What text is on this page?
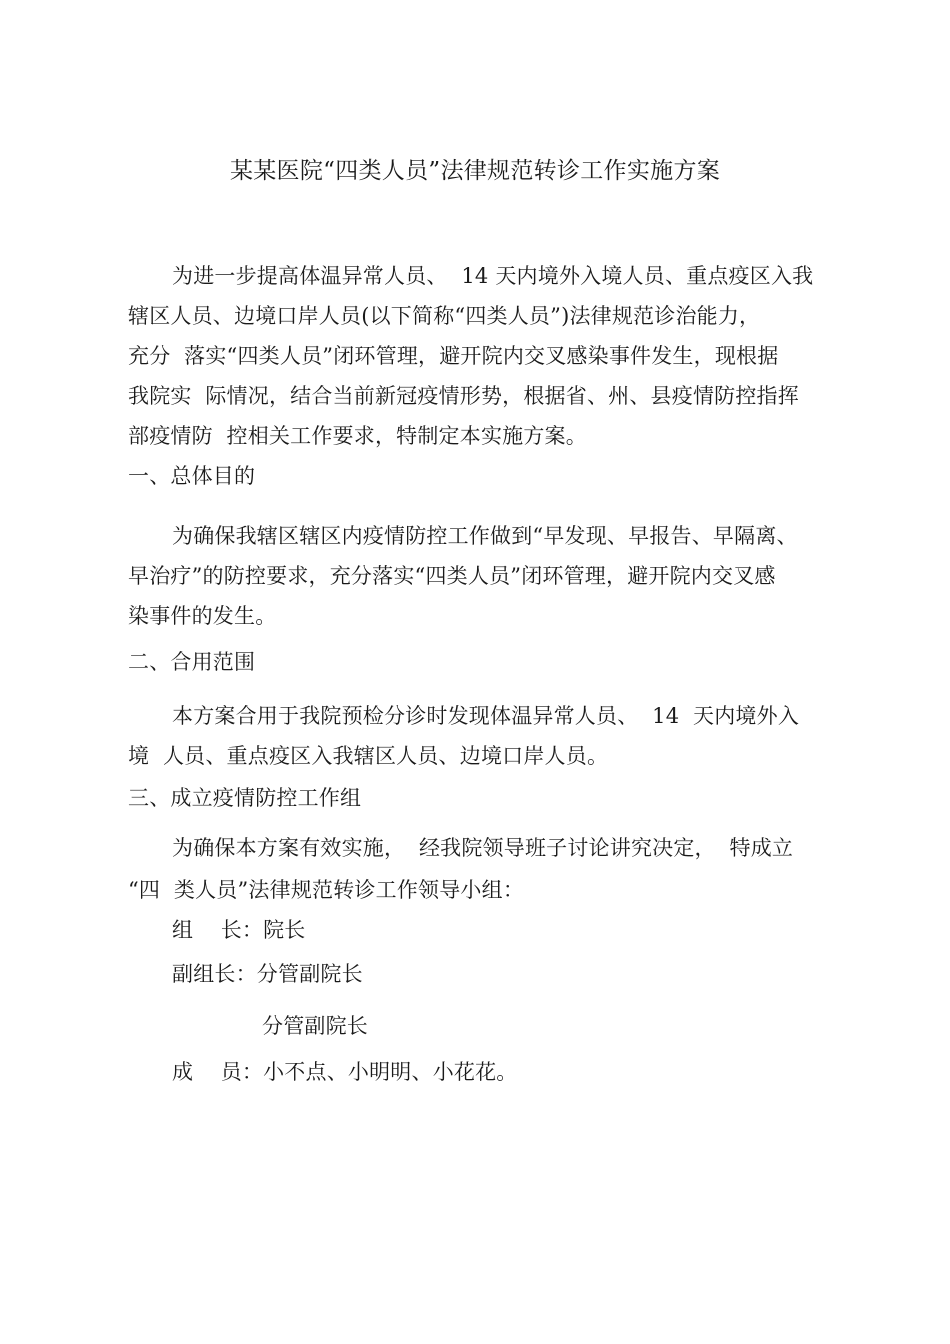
某某医院“四类人员”法律规范转诊工作实施方案
为进一步提高体温异常人员、  14 天内境外入境人员、重点疫区入我
辖区人员、边境口岸人员(以下简称“四类人员”)法律规范诊治能力，
充分  落实“四类人员”闭环管理，避开院内交叉感染事件发生，现根据
我院实  际情况，结合当前新冠疫情形势，根据省、州、县疫情防控指挥
部疫情防  控相关工作要求，特制定本实施方案。
一、总体目的
为确保我辖区辖区内疫情防控工作做到“早发现、早报告、早隔离、
早治疗”的防控要求，充分落实“四类人员”闭环管理，避开院内交叉感
染事件的发生。
二、合用范围
本方案合用于我院预检分诊时发现体温异常人员、  14  天内境外入
境  人员、重点疫区入我辖区人员、边境口岸人员。
三、成立疫情防控工作组
为确保本方案有效实施，  经我院领导班子讨论讲究决定，  特成立
“四  类人员”法律规范转诊工作领导小组：
组    长：院长
副组长：分管副院长
分管副院长
成    员：小不点、小明明、小花花。
